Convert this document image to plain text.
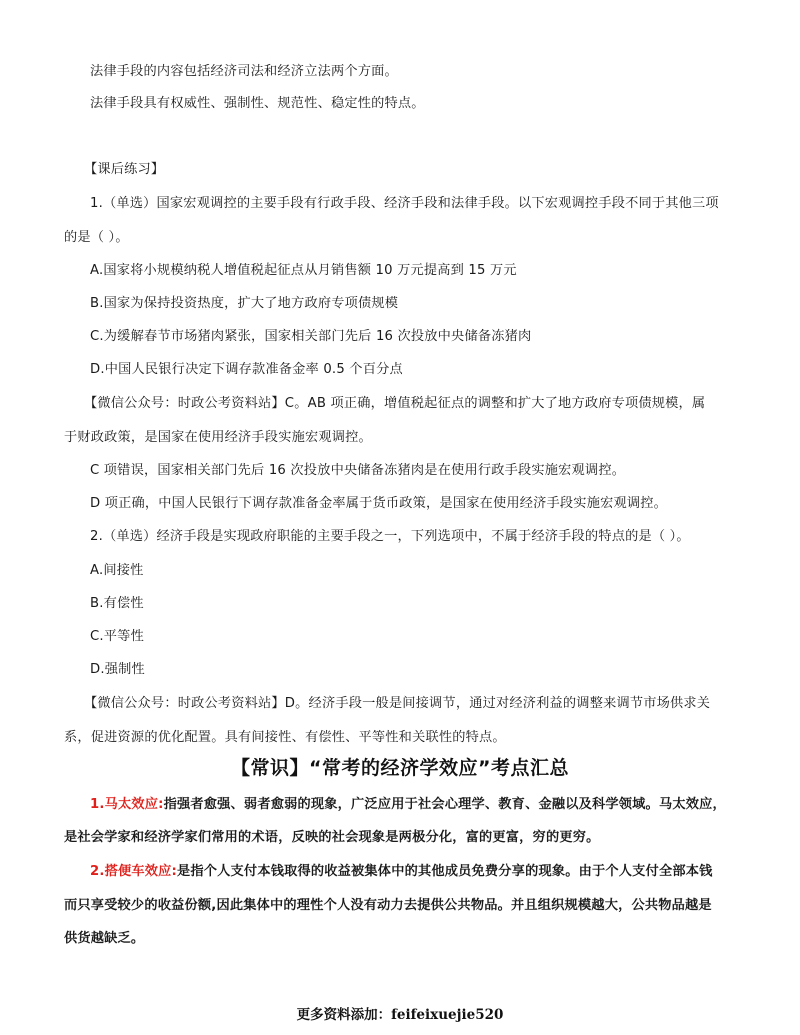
法律手段的内容包括经济司法和经济立法两个方面。
法律手段具有权威性、强制性、规范性、稳定性的特点。
【课后练习】
1.（单选）国家宏观调控的主要手段有行政手段、经济手段和法律手段。以下宏观调控手段不同于其他三项
的是（ ）。
A.国家将小规模纳税人增值税起征点从月销售额 10 万元提高到 15 万元
B.国家为保持投资热度，扩大了地方政府专项债规模
C.为缓解春节市场猪肉紧张，国家相关部门先后 16 次投放中央储备冻猪肉
D.中国人民银行决定下调存款准备金率 0.5 个百分点
【微信公众号：时政公考资料站】C。AB 项正确，增值税起征点的调整和扩大了地方政府专项债规模，属
于财政政策，是国家在使用经济手段实施宏观调控。
C 项错误，国家相关部门先后 16 次投放中央储备冻猪肉是在使用行政手段实施宏观调控。
D 项正确，中国人民银行下调存款准备金率属于货币政策，是国家在使用经济手段实施宏观调控。
2.（单选）经济手段是实现政府职能的主要手段之一，下列选项中，不属于经济手段的特点的是（ ）。
A.间接性
B.有偿性
C.平等性
D.强制性
【微信公众号：时政公考资料站】D。经济手段一般是间接调节，通过对经济利益的调整来调节市场供求关
系，促进资源的优化配置。具有间接性、有偿性、平等性和关联性的特点。
【常识】“常考的经济学效应”考点汇总
1.马太效应:指强者愈强、弱者愈弱的现象，广泛应用于社会心理学、教育、金融以及科学领域。马太效应，
是社会学家和经济学家们常用的术语，反映的社会现象是两极分化，富的更富，穷的更穷。
2.搭便车效应:是指个人支付本钱取得的收益被集体中的其他成员免费分享的现象。由于个人支付全部本钱
而只享受较少的收益份额,因此集体中的理性个人没有动力去提供公共物品。并且组织规模越大，公共物品越是
供货越缺乏。
更多资料添加：feifeixuejie520
